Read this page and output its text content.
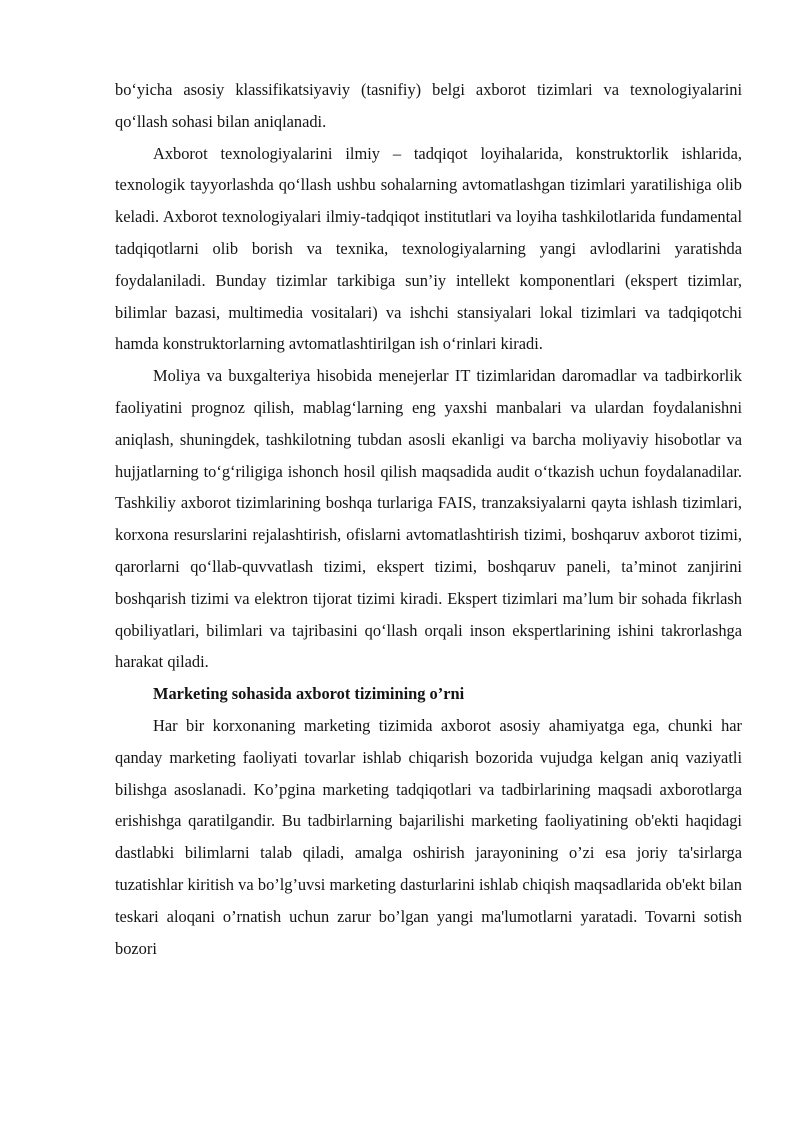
bo‘yicha asosiy klassifikatsiyaviy (tasnifiy) belgi axborot tizimlari va texnologiyalarini qo‘llash sohasi bilan aniqlanadi.

Axborot texnologiyalarini ilmiy – tadqiqot loyihalarida, konstruktorlik ishlarida, texnologik tayyorlashda qo‘llash ushbu sohalarning avtomatlashgan tizimlari yaratilishiga olib keladi. Axborot texnologiyalari ilmiy-tadqiqot institutlari va loyiha tashkilotlarida fundamental tadqiqotlarni olib borish va texnika, texnologiyalarning yangi avlodlarini yaratishda foydalaniladi. Bunday tizimlar tarkibiga sun’iy intellekt komponentlari (ekspert tizimlar, bilimlar bazasi, multimedia vositalari) va ishchi stansiyalari lokal tizimlari va tadqiqotchi hamda konstruktorlarning avtomatlashtirilgan ish o‘rinlari kiradi.

Moliya va buxgalteriya hisobida menejerlar IT tizimlaridan daromadlar va tadbirkorlik faoliyatini prognoz qilish, mablag‘larning eng yaxshi manbalari va ulardan foydalanishni aniqlash, shuningdek, tashkilotning tubdan asosli ekanligi va barcha moliyaviy hisobotlar va hujjatlarning to‘g‘riligiga ishonch hosil qilish maqsadida audit o‘tkazish uchun foydalanadilar. Tashkiliy axborot tizimlarining boshqa turlariga FAIS, tranzaksiyalarni qayta ishlash tizimlari, korxona resurslarini rejalashtirish, ofislarni avtomatlashtirish tizimi, boshqaruv axborot tizimi, qarorlarni qo‘llab-quvvatlash tizimi, ekspert tizimi, boshqaruv paneli, ta’minot zanjirini boshqarish tizimi va elektron tijorat tizimi kiradi. Ekspert tizimlari ma’lum bir sohada fikrlash qobiliyatlari, bilimlari va tajribasini qo‘llash orqali inson ekspertlarining ishini takrorlashga harakat qiladi.

Marketing sohasida axborot tizimining o’rni

Har bir korxonaning marketing tizimida axborot asosiy ahamiyatga ega, chunki har qanday marketing faoliyati tovarlar ishlab chiqarish bozorida vujudga kelgan aniq vaziyatli bilishga asoslanadi. Ko’pgina marketing tadqiqotlari va tadbirlarining maqsadi axborotlarga erishishga qaratilgandir. Bu tadbirlarning bajarilishi marketing faoliyatining ob'ekti haqidagi dastlabki bilimlarni talab qiladi, amalga oshirish jarayonining o’zi esa joriy ta'sirlarga tuzatishlar kiritish va bo’lg’uvsi marketing dasturlarini ishlab chiqish maqsadlarida ob'ekt bilan teskari aloqani o’rnatish uchun zarur bo’lgan yangi ma'lumotlarni yaratadi. Tovarni sotish bozori
